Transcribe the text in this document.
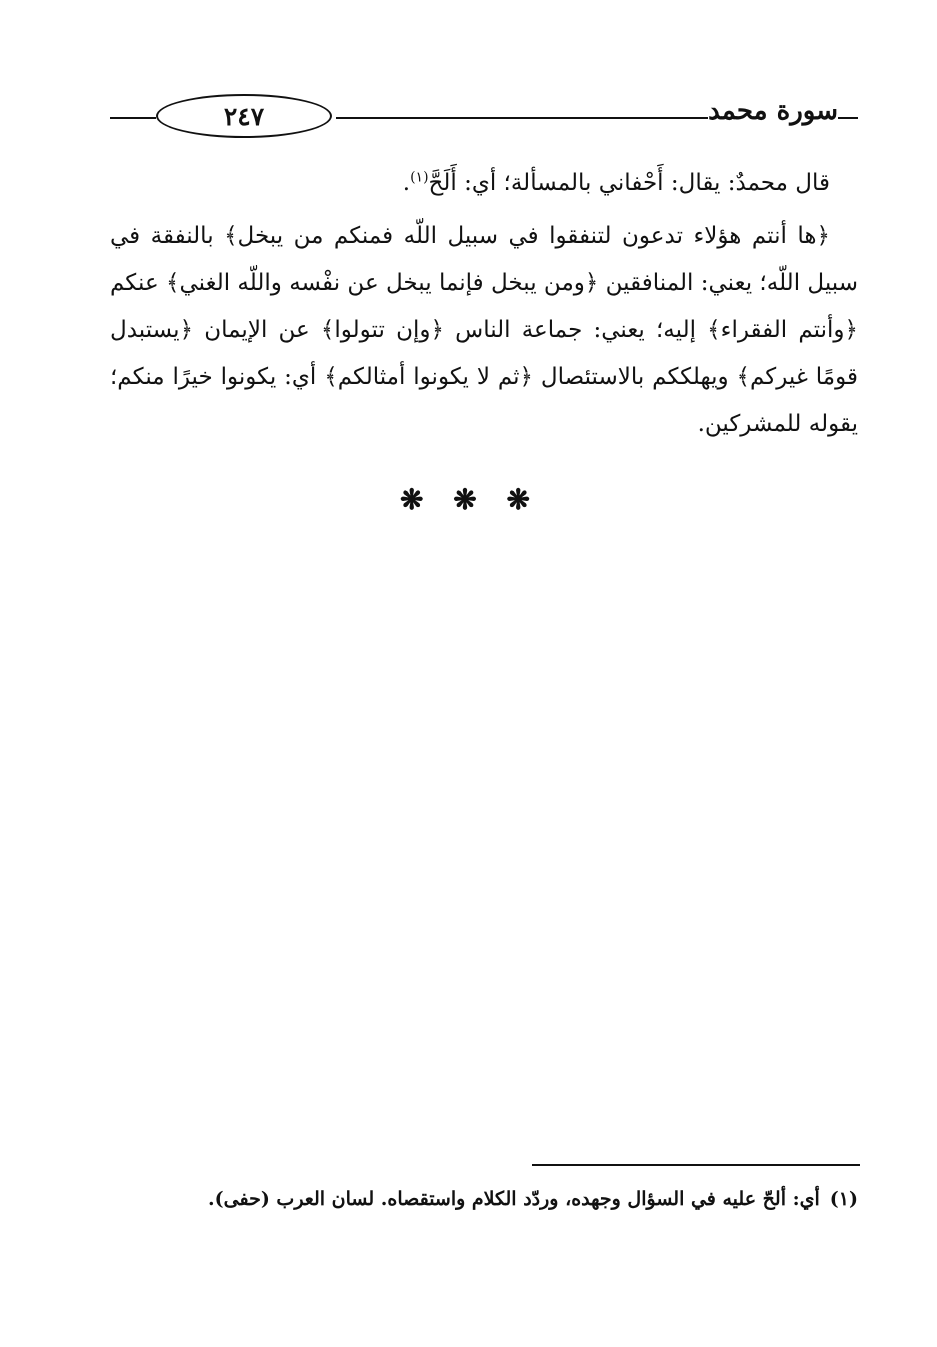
٢٤٧	سورة محمد

قال محمدٌ: يقال: أَحْفاني بالمسألة؛ أي: أَلَحَّ$^{(١)}$.

﴿ها أنتم هؤلاء تدعون لتنفقوا في سبيل اللّه فمنكم من يبخل﴾ بالنفقة في سبيل اللّه؛ يعني: المنافقين ﴿ومن يبخل فإنما يبخل عن نفْسه واللّه الغني﴾ عنكم ﴿وأنتم الفقراء﴾ إليه؛ يعني: جماعة الناس ﴿وإن تتولوا﴾ عن الإيمان ﴿يستبدل قومًا غيركم﴾ ويهلككم بالاستئصال ﴿ثم لا يكونوا أمثالكم﴾ أي: يكونوا خيرًا منكم؛ يقوله للمشركين.

❋ ❋ ❋
(١)أي: ألحّ عليه في السؤال وجهده، وردّد الكلام واستقصاه. لسان العرب (حفى).
